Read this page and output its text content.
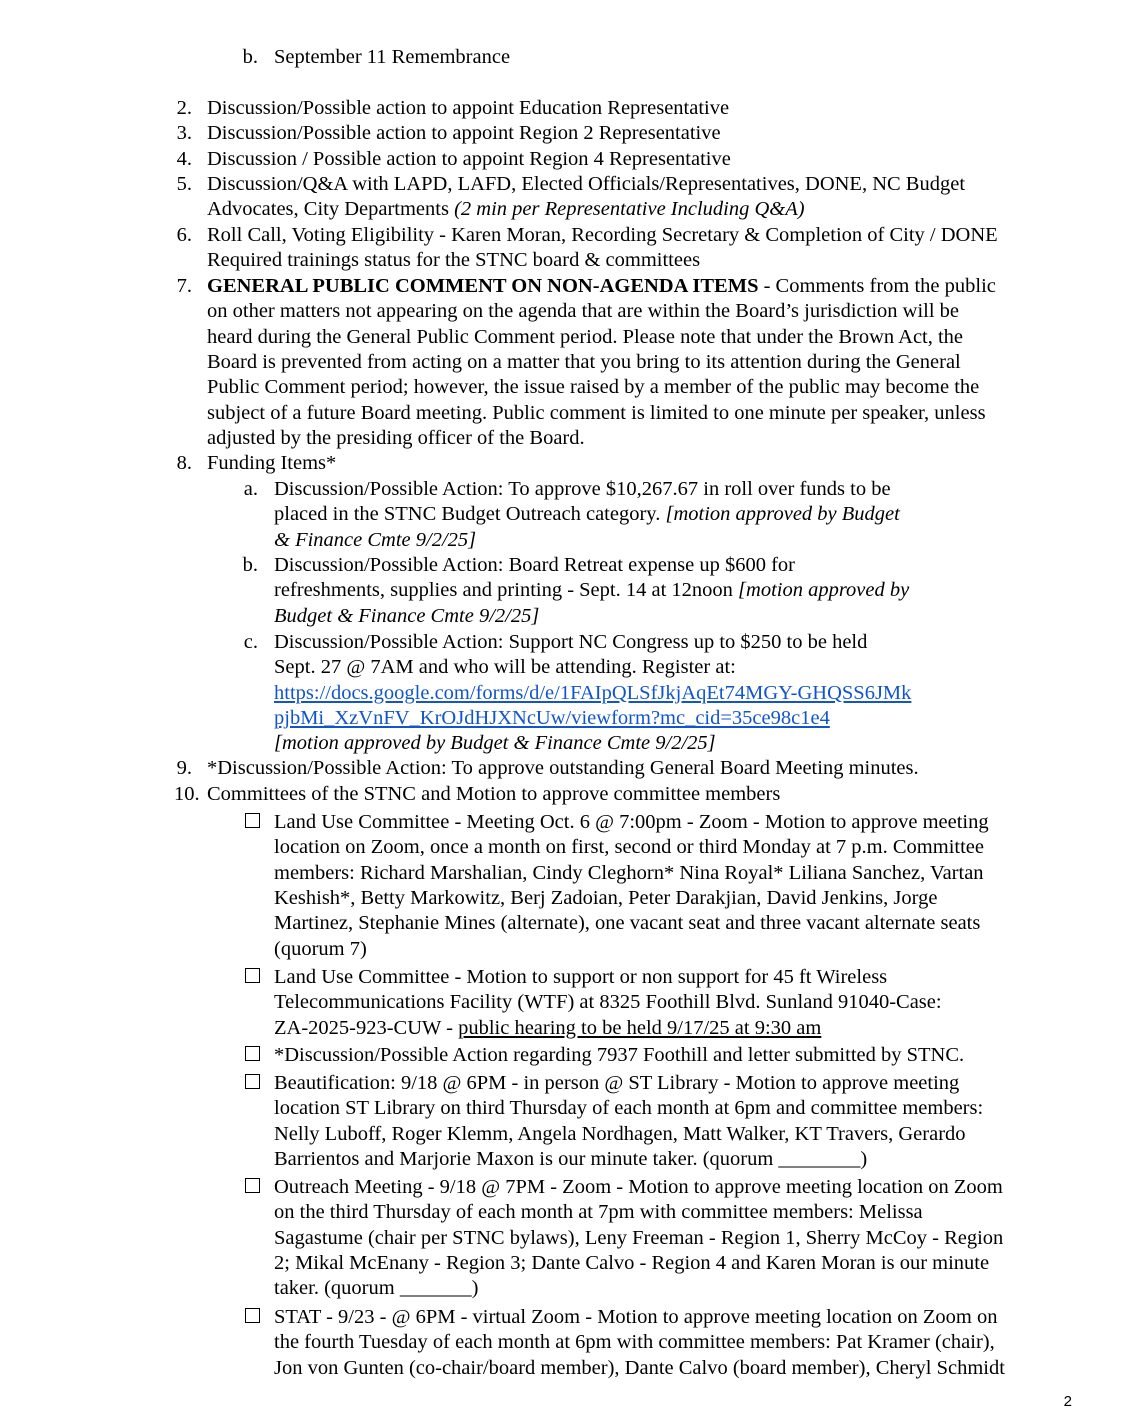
b. September 11 Remembrance
2. Discussion/Possible action to appoint Education Representative
3. Discussion/Possible action to appoint Region 2 Representative
4. Discussion / Possible action to appoint Region 4 Representative
5. Discussion/Q&A with LAPD, LAFD, Elected Officials/Representatives, DONE, NC Budget
Advocates, City Departments (2 min per Representative Including Q&A)
6. Roll Call, Voting Eligibility - Karen Moran, Recording Secretary & Completion of City / DONE
Required trainings status for the STNC board & committees
7. GENERAL PUBLIC COMMENT ON NON-AGENDA ITEMS - Comments from the public
on other matters not appearing on the agenda that are within the Board’s jurisdiction will be
heard during the General Public Comment period. Please note that under the Brown Act, the
Board is prevented from acting on a matter that you bring to its attention during the General
Public Comment period; however, the issue raised by a member of the public may become the
subject of a future Board meeting. Public comment is limited to one minute per speaker, unless
adjusted by the presiding officer of the Board.
8. Funding Items*
a. Discussion/Possible Action: To approve $10,267.67 in roll over funds to be
placed in the STNC Budget Outreach category. [motion approved by Budget
& Finance Cmte 9/2/25]
b. Discussion/Possible Action: Board Retreat expense up $600 for
refreshments, supplies and printing - Sept. 14 at 12noon [motion approved by
Budget & Finance Cmte 9/2/25]
c. Discussion/Possible Action: Support NC Congress up to $250 to be held
Sept. 27 @ 7AM and who will be attending. Register at:
https://docs.google.com/forms/d/e/1FAIpQLSfJkjAqEt74MGY-GHQSS6JMk
pjbMi_XzVnFV_KrOJdHJXNcUw/viewform?mc_cid=35ce98c1e4
[motion approved by Budget & Finance Cmte 9/2/25]
9. *Discussion/Possible Action: To approve outstanding General Board Meeting minutes.
10. Committees of the STNC and Motion to approve committee members
Land Use Committee - Meeting Oct. 6 @ 7:00pm - Zoom - Motion to approve meeting
location on Zoom, once a month on first, second or third Monday at 7 p.m. Committee
members: Richard Marshalian, Cindy Cleghorn* Nina Royal* Liliana Sanchez, Vartan
Keshish*, Betty Markowitz, Berj Zadoian, Peter Darakjian, David Jenkins, Jorge
Martinez, Stephanie Mines (alternate), one vacant seat and three vacant alternate seats
(quorum 7)
Land Use Committee - Motion to support or non support for 45 ft Wireless
Telecommunications Facility (WTF) at 8325 Foothill Blvd. Sunland 91040-Case:
ZA-2025-923-CUW - public hearing to be held 9/17/25 at 9:30 am
*Discussion/Possible Action regarding 7937 Foothill and letter submitted by STNC.
Beautification: 9/18 @ 6PM - in person @ ST Library - Motion to approve meeting
location ST Library on third Thursday of each month at 6pm and committee members:
Nelly Luboff, Roger Klemm, Angela Nordhagen, Matt Walker, KT Travers, Gerardo
Barrientos and Marjorie Maxon is our minute taker. (quorum ________)
Outreach Meeting - 9/18 @ 7PM - Zoom - Motion to approve meeting location on Zoom
on the third Thursday of each month at 7pm with committee members: Melissa
Sagastume (chair per STNC bylaws), Leny Freeman - Region 1, Sherry McCoy - Region
2; Mikal McEnany - Region 3; Dante Calvo - Region 4 and Karen Moran is our minute
taker. (quorum _______)
STAT - 9/23 - @ 6PM - virtual Zoom - Motion to approve meeting location on Zoom on
the fourth Tuesday of each month at 6pm with committee members: Pat Kramer (chair),
Jon von Gunten (co-chair/board member), Dante Calvo (board member), Cheryl Schmidt
2
